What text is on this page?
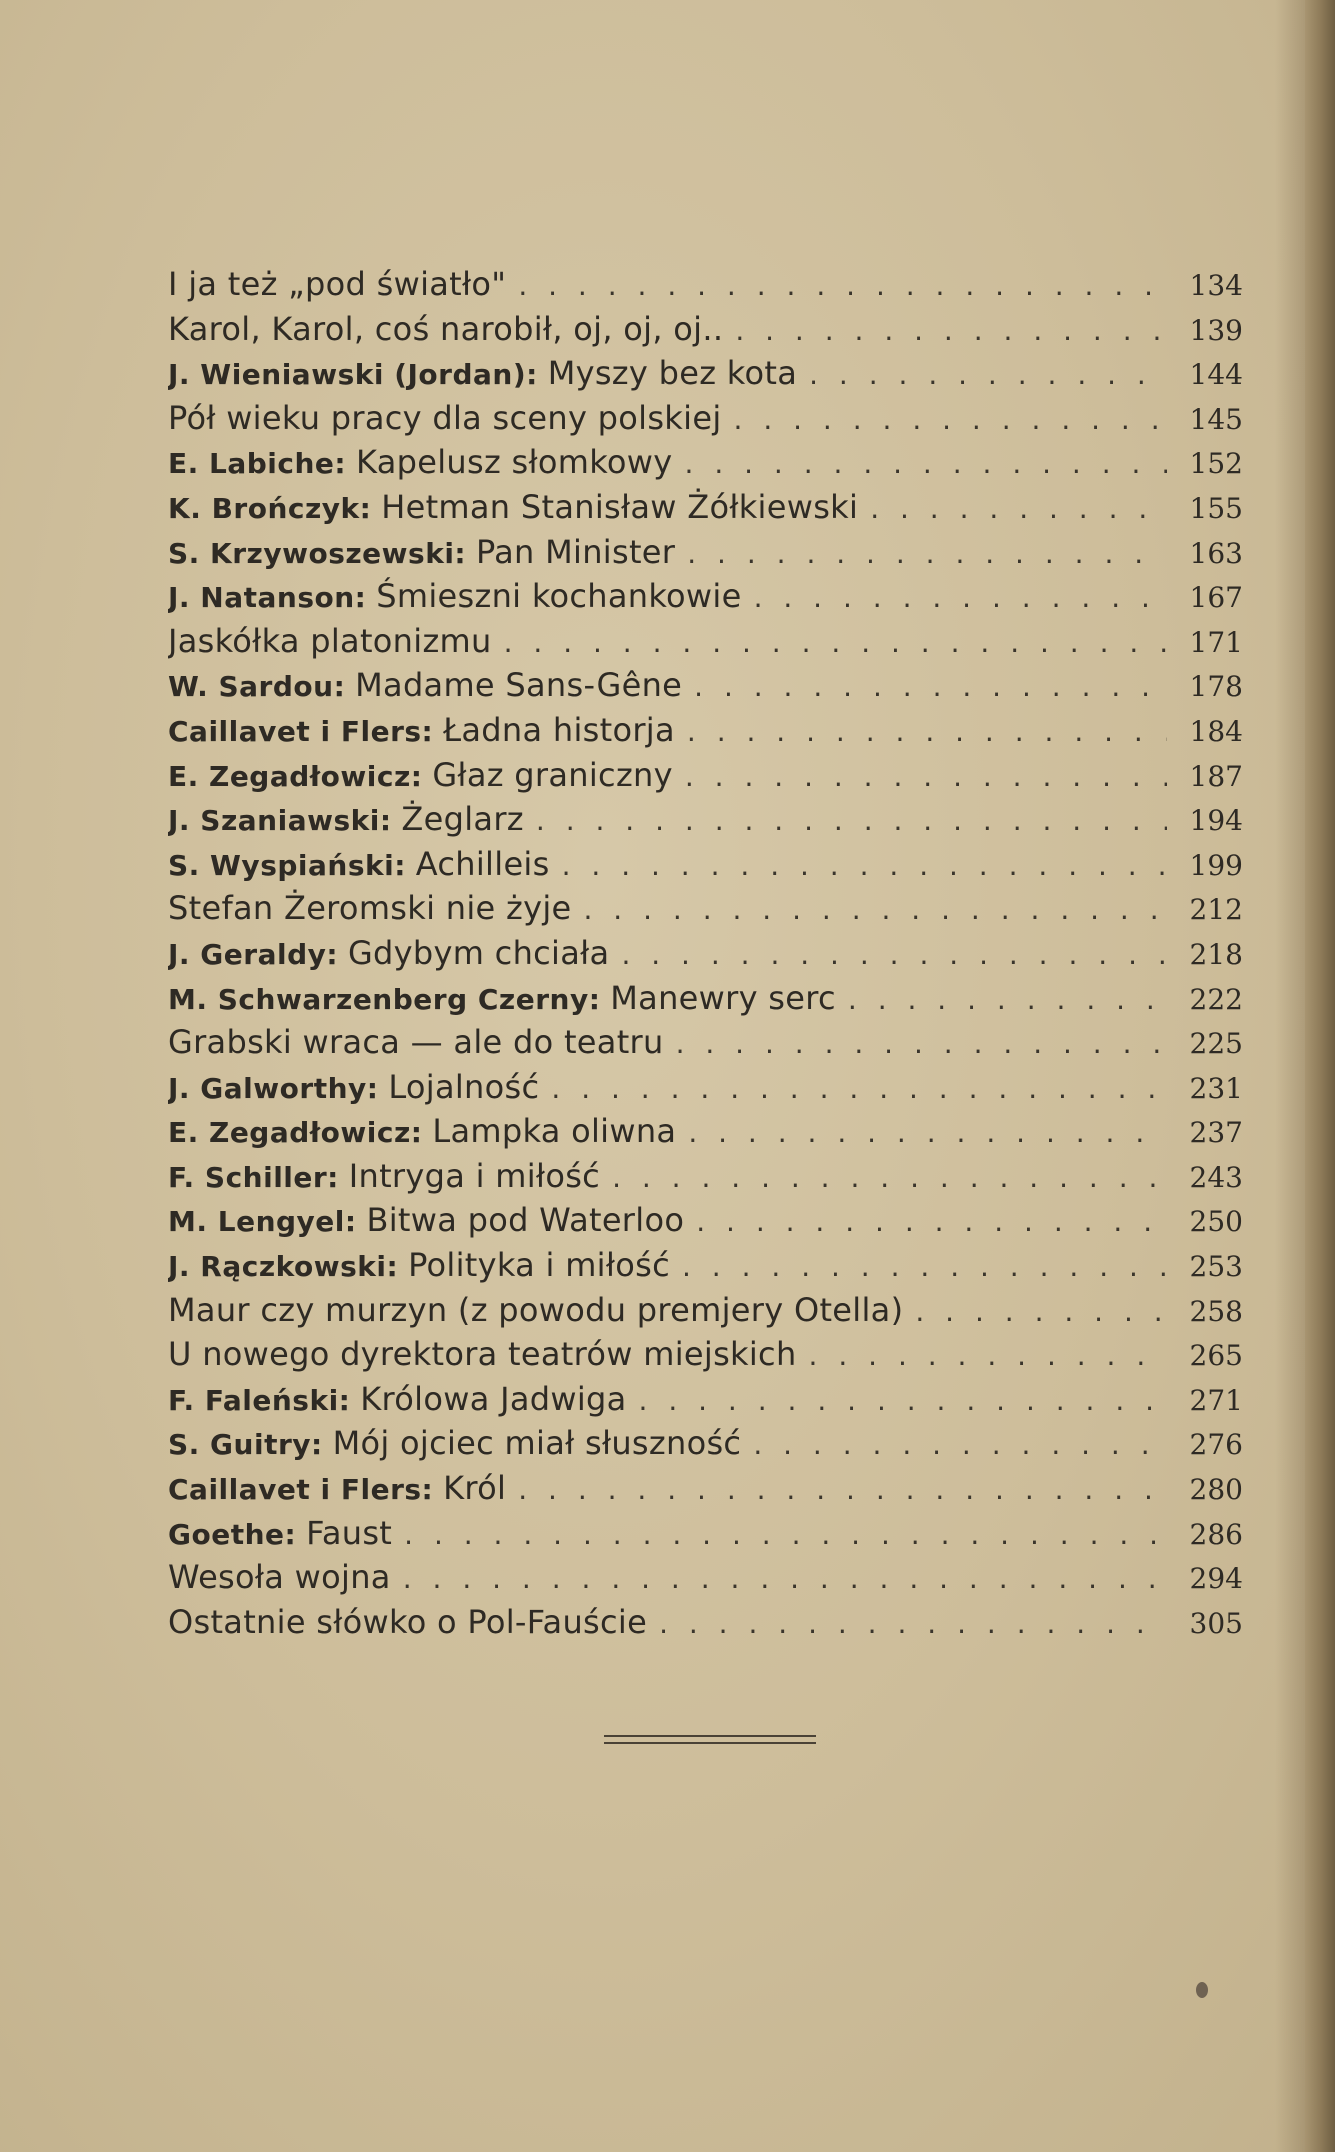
I ja też „pod światło" . . .	134
Karol, Karol, coś narobił, oj, oj, oj.. . . .	139
J. Wieniawski (Jordan): Myszy bez kota . . .	144
Pół wieku pracy dla sceny polskiej . . .	145
E. Labiche: Kapelusz słomkowy . . .	152
K. Brończyk: Hetman Stanisław Żółkiewski . . .	155
S. Krzywoszewski: Pan Minister . . .	163
J. Natanson: Śmieszni kochankowie . . .	167
Jaskółka platonizmu . . .	171
W. Sardou: Madame Sans-Gêne . . .	178
Caillavet i Flers: Ładna historja . . .	184
E. Zegadłowicz: Głaz graniczny . . .	187
J. Szaniawski: Żeglarz . . .	194
S. Wyspiański: Achilleis . . .	199
Stefan Żeromski nie żyje . . .	212
J. Geraldy: Gdybym chciała . . .	218
M. Schwarzenberg Czerny: Manewry serc . . .	222
Grabski wraca — ale do teatru . . .	225
J. Galworthy: Lojalność . . .	231
E. Zegadłowicz: Lampka oliwna . . .	237
F. Schiller: Intryga i miłość . . .	243
M. Lengyel: Bitwa pod Waterloo . . .	250
J. Rączkowski: Polityka i miłość . . .	253
Maur czy murzyn (z powodu premjery Otella) . . .	258
U nowego dyrektora teatrów miejskich . . .	265
F. Faleński: Królowa Jadwiga . . .	271
S. Guitry: Mój ojciec miał słuszność . . .	276
Caillavet i Flers: Król . . .	280
Goethe: Faust . . .	286
Wesoła wojna . . .	294
Ostatnie słówko o Pol-Fauście . . .	305
